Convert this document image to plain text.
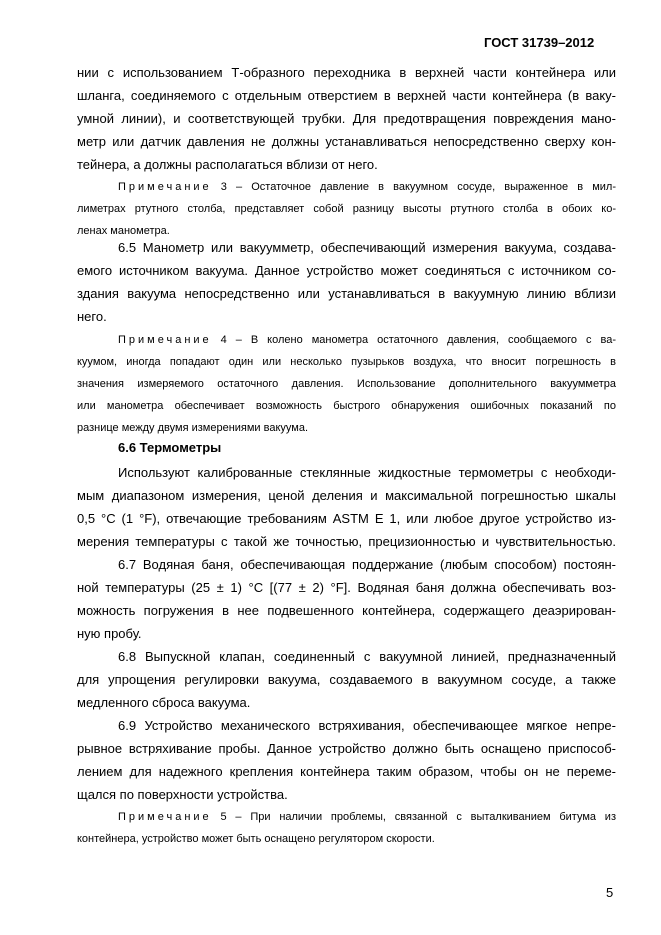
ГОСТ 31739–2012
нии с использованием Т-образного переходника в верхней части контейнера или
шланга, соединяемого с отдельным отверстием в верхней части контейнера (в ваку-
умной линии), и соответствующей трубки. Для предотвращения повреждения мано-
метр или датчик давления не должны устанавливаться непосредственно сверху кон-
тейнера, а должны располагаться вблизи от него.
Примечание 3 – Остаточное давление в вакуумном сосуде, выраженное в мил-
лиметрах ртутного столба, представляет собой разницу высоты ртутного столба в обоих ко-
ленах манометра.
6.5 Манометр или вакуумметр, обеспечивающий измерения вакуума, создава-
емого источником вакуума. Данное устройство может соединяться с источником со-
здания вакуума непосредственно или устанавливаться в вакуумную линию вблизи
него.
Примечание 4 – В колено манометра остаточного давления, сообщаемого с ва-
куумом, иногда попадают один или несколько пузырьков воздуха, что вносит погрешность в
значения измеряемого остаточного давления. Использование дополнительного вакуумметра
или манометра обеспечивает возможность быстрого обнаружения ошибочных показаний по
разнице между двумя измерениями вакуума.
6.6 Термометры
Используют калиброванные стеклянные жидкостные термометры с необходи-
мым диапазоном измерения, ценой деления и максимальной погрешностью шкалы
0,5 °С (1 °F), отвечающие требованиям ASTM E 1, или любое другое устройство из-
мерения температуры с такой же точностью, прецизионностью и чувствительностью.
6.7 Водяная баня, обеспечивающая поддержание (любым способом) постоян-
ной температуры (25 ± 1) °С [(77 ± 2) °F]. Водяная баня должна обеспечивать воз-
можность погружения в нее подвешенного контейнера, содержащего деаэрирован-
ную пробу.
6.8 Выпускной клапан, соединенный с вакуумной линией, предназначенный
для упрощения регулировки вакуума, создаваемого в вакуумном сосуде, а также
медленного сброса вакуума.
6.9 Устройство механического встряхивания, обеспечивающее мягкое непре-
рывное встряхивание пробы. Данное устройство должно быть оснащено приспособ-
лением для надежного крепления контейнера таким образом, чтобы он не переме-
щался по поверхности устройства.
Примечание 5 – При наличии проблемы, связанной с выталкиванием битума из
контейнера, устройство может быть оснащено регулятором скорости.
5
